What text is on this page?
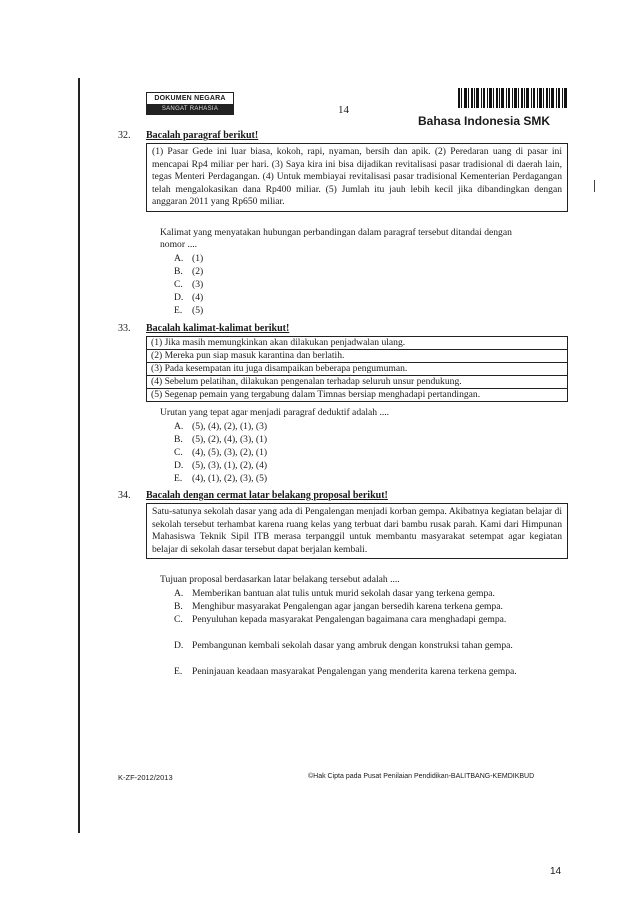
DOKUMEN NEGARA
SANGAT RAHASIA	14
Bahasa Indonesia SMK
32. Bacalah paragraf berikut!
(1) Pasar Gede ini luar biasa, kokoh, rapi, nyaman, bersih dan apik. (2) Peredaran uang di pasar ini mencapai Rp4 miliar per hari. (3) Saya kira ini bisa dijadikan revitalisasi pasar tradisional di daerah lain, tegas Menteri Perdagangan. (4) Untuk membiayai revitalisasi pasar tradisional Kementerian Perdagangan telah mengalokasikan dana Rp400 miliar. (5) Jumlah itu jauh lebih kecil jika dibandingkan dengan anggaran 2011 yang Rp650 miliar.
Kalimat yang menyatakan hubungan perbandingan dalam paragraf tersebut ditandai dengan
nomor ....
A. (1)
B. (2)
C. (3)
D. (4)
E. (5)
33. Bacalah kalimat-kalimat berikut!
(1) Jika masih memungkinkan akan dilakukan penjadwalan ulang.
(2) Mereka pun siap masuk karantina dan berlatih.
(3) Pada kesempatan itu juga disampaikan beberapa pengumuman.
(4) Sebelum pelatihan, dilakukan pengenalan terhadap seluruh unsur pendukung.
(5) Segenap pemain yang tergabung dalam Timnas bersiap menghadapi pertandingan.
Urutan yang tepat agar menjadi paragraf deduktif adalah ....
A. (5), (4), (2), (1), (3)
B. (5), (2), (4), (3), (1)
C. (4), (5), (3), (2), (1)
D. (5), (3), (1), (2), (4)
E. (4), (1), (2), (3), (5)
34. Bacalah dengan cermat latar belakang proposal berikut!
Satu-satunya sekolah dasar yang ada di Pengalengan menjadi korban gempa. Akibatnya kegiatan belajar di sekolah tersebut terhambat karena ruang kelas yang terbuat dari bambu rusak parah. Kami dari Himpunan Mahasiswa Teknik Sipil ITB merasa terpanggil untuk membantu masyarakat setempat agar kegiatan belajar di sekolah dasar tersebut dapat berjalan kembali.
Tujuan proposal berdasarkan latar belakang tersebut adalah ....
A. Memberikan bantuan alat tulis untuk murid sekolah dasar yang terkena gempa.
B. Menghibur masyarakat Pengalengan agar jangan bersedih karena terkena gempa.
C. Penyuluhan kepada masyarakat Pengalengan bagaimana cara menghadapi gempa.
D. Pembangunan kembali sekolah dasar yang ambruk dengan konstruksi tahan gempa.
E.	Peninjauan keadaan masyarakat Pengalengan yang menderita karena terkena gempa.
K-ZF-2012/2013	©Hak Cipta pada Pusat Penilaian Pendidikan-BALITBANG-KEMDIKBUD
14
